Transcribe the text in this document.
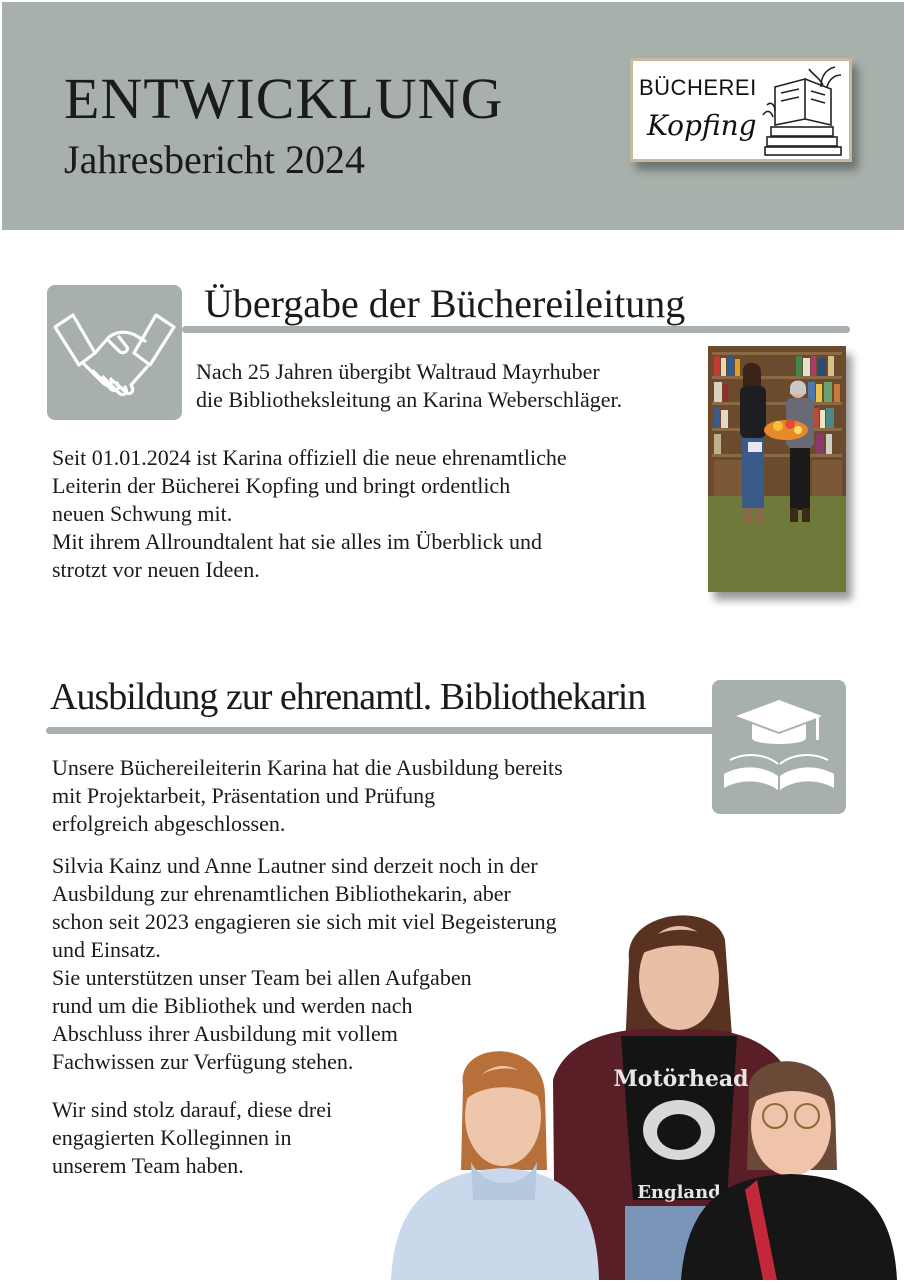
ENTWICKLUNG
Jahresbericht 2024
BÜCHEREI
Kopfing
Übergabe der Büchereileitung
Nach 25 Jahren übergibt Waltraud Mayrhuber
die Bibliotheksleitung an Karina Weberschläger.
Seit 01.01.2024 ist Karina offiziell die neue ehrenamtliche
Leiterin der Bücherei Kopfing und bringt ordentlich
neuen Schwung mit.
Mit ihrem Allroundtalent hat sie alles im Überblick und
strotzt vor neuen Ideen.
Ausbildung zur ehrenamtl. Bibliothekarin
Unsere Büchereileiterin Karina hat die Ausbildung bereits
mit Projektarbeit, Präsentation und Prüfung
erfolgreich abgeschlossen.
Motörhead
England
Silvia Kainz und Anne Lautner sind derzeit noch in der
Ausbildung zur ehrenamtlichen Bibliothekarin, aber
schon seit 2023 engagieren sie sich mit viel Begeisterung
und Einsatz.
Sie unterstützen unser Team bei allen Aufgaben
rund um die Bibliothek und werden nach
Abschluss ihrer Ausbildung mit vollem
Fachwissen zur Verfügung stehen.
Wir sind stolz darauf, diese drei
engagierten Kolleginnen in
unserem Team haben.
